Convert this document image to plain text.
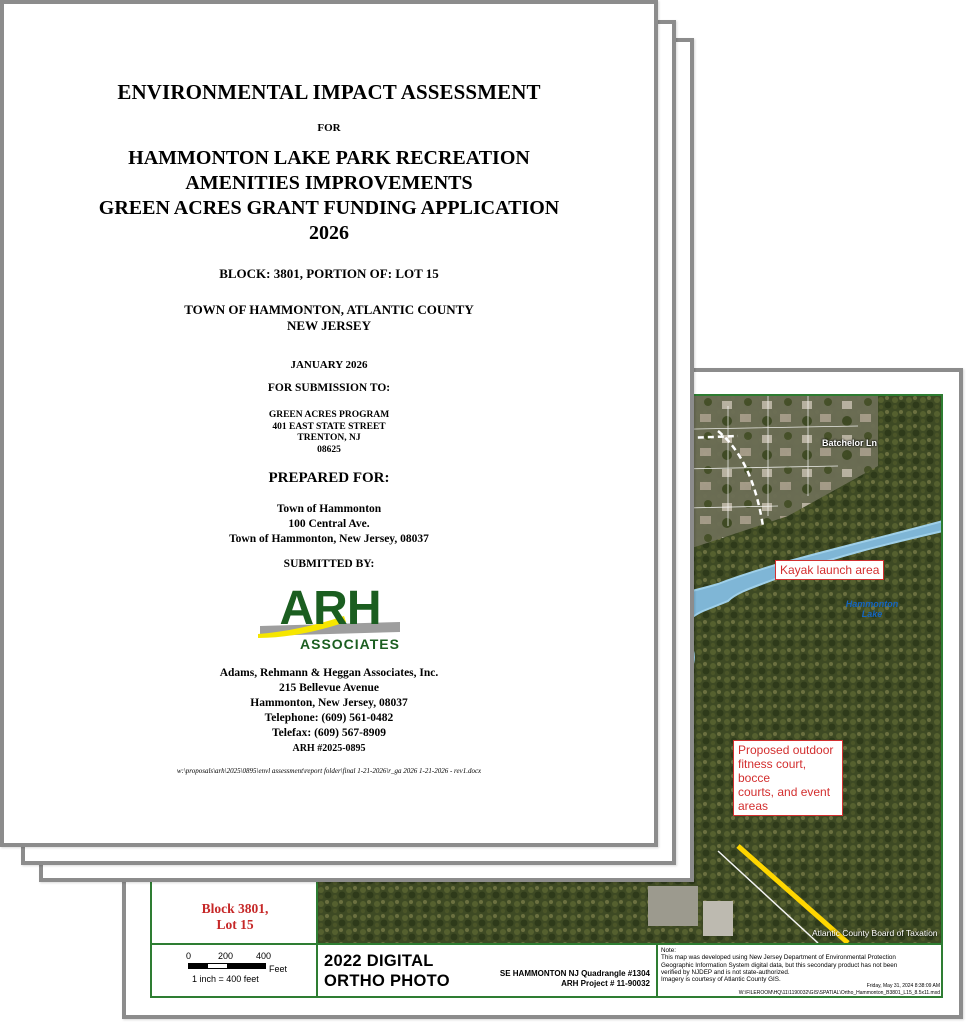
Batchelor Ln
Hammonton
Lake
Kayak launch area
Proposed outdoor
fitness court, bocce
courts, and event
areas
Atlantic County Board of Taxation
Block 3801,
Lot 15
0	200	400
Feet
1 inch = 400 feet
2022 DIGITAL
ORTHO PHOTO	SE HAMMONTON NJ Quadrangle #1304
ARH Project # 11-90032
Note:
This map was developed using New Jersey Department of Environmental Protection
Geographic Information System digital data, but this secondary product has not been
verified by NJDEP and is not state-authorized.
Imagery is courtesy of Atlantic County GIS.
Friday, May 31, 2024 8:38:09 AM
W:\FILEROOM\HQ\11\1190032\GIS\SPATIAL\Ortho_Hammonton_B3801_L15_8.5x11.mxd
ENVIRONMENTAL IMPACT ASSESSMENT
FOR
HAMMONTON LAKE PARK RECREATION
AMENITIES IMPROVEMENTS
GREEN ACRES GRANT FUNDING APPLICATION
2026
BLOCK: 3801, PORTION OF: LOT 15
TOWN OF HAMMONTON, ATLANTIC COUNTY
NEW JERSEY
JANUARY 2026
FOR SUBMISSION TO:
GREEN ACRES PROGRAM
401 EAST STATE STREET
TRENTON, NJ
08625
PREPARED FOR:
Town of Hammonton
100 Central Ave.
Town of Hammonton, New Jersey, 08037
SUBMITTED BY:
ARH
ASSOCIATES
Adams, Rehmann & Heggan Associates, Inc.
215 Bellevue Avenue
Hammonton, New Jersey, 08037
Telephone: (609) 561-0482
Telefax: (609) 567-8909
ARH #2025-0895
w:\proposals\arh\2025\0895\envl assessment\report folder\final 1-21-2026\r_ga 2026 1-21-2026 - rev1.docx
